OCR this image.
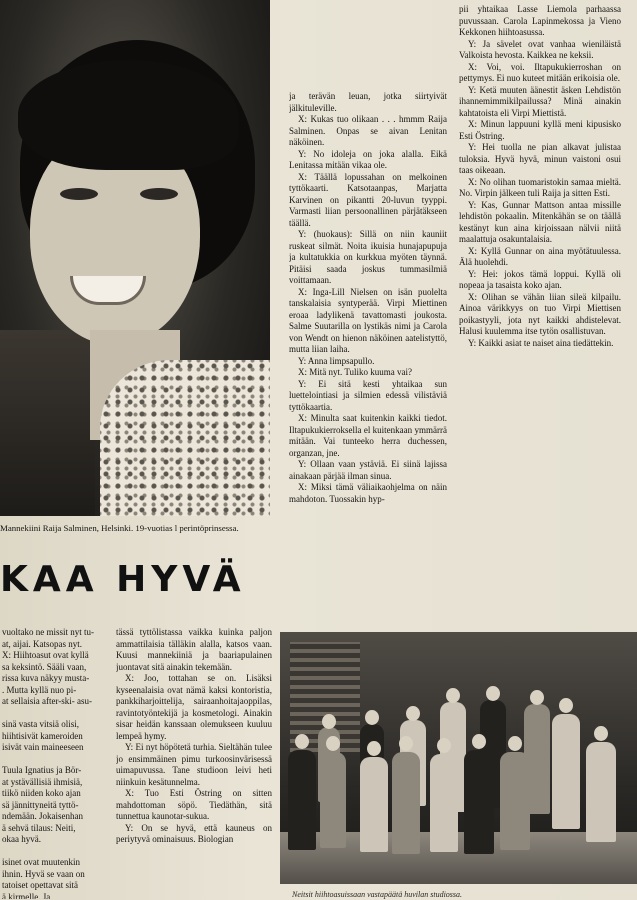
Mannekiini Raija Salminen, Helsinki. 19-vuotias l perintöprinsessa.

KAA HYVÄ

ja terävän leuan, jotka siirtyivät jälkituleville.

X: Kukas tuo olikaan . . . hmmm Raija Salminen. Onpas se aivan Lenitan näköinen.

Y: No idoleja on joka alalla. Eikä Lenitassa mitään vikaa ole.

X: Täällä lopussahan on melkoinen tyttökaarti. Katsotaanpas, Marjatta Karvinen on pikantti 20-luvun tyyppi. Varmasti liian persoonallinen pärjätäkseen täällä.

Y: (huokaus): Sillä on niin kauniit ruskeat silmät. Noita ikuisia hunajapupuja ja kultatukkia on kurkkua myöten täynnä. Pitäisi saada joskus tummasilmiä voittamaan.

X: Inga-Lill Nielsen on isän puolelta tanskalaisia syntyperää. Virpi Miettinen eroaa ladylikenä tavattomasti joukosta. Salme Suutarilla on lystikäs nimi ja Carola von Wendt on hienon näköinen aatelistyttö, mutta liian laiha.

Y: Anna limpsapullo.

X: Mitä nyt. Tuliko kuuma vai?

Y: Ei sitä kesti yhtaikaa sun luettelointiasi ja silmien edessä vilistäviä tyttökaartia.

X: Minulta saat kuitenkin kaikki tiedot. Iltapukukierroksella el kuitenkaan ymmärrä mitään. Vai tunteeko herra duchessen, organzan, jne.

Y: Ollaan vaan ystäviä. Ei siinä lajissa ainakaan pärjää ilman sinua.

X: Miksi tämä väliaikaohjelma on näin mahdoton. Tuossakin hyp-

pii yhtaikaa Lasse Liemola parhaassa puvussaan. Carola Lapinmekossa ja Vieno Kekkonen hiihtoasussa.

Y: Ja sävelet ovat vanhaa wieniläistä Valkoista hevosta. Kaikkea ne keksii.

X: Voi, voi. Iltapukukierroshan on pettymys. Ei nuo kuteet mitään erikoisia ole.

Y: Ketä muuten äänestit äsken Lehdistön ihannemimmikilpailussa? Minä ainakin kahtatoista eli Virpi Miettistä.

X: Minun lappuuni kyllä meni kipusisko Esti Östring.

Y: Hei tuolla ne pian alkavat julistaa tuloksia. Hyvä hyvä, minun vaistoni osui taas oikeaan.

X: No olihan tuomaristokin samaa mieltä. No. Virpin jälkeen tuli Raija ja sitten Esti.

Y: Kas, Gunnar Mattson antaa missille lehdistön pokaalin. Mitenkähän se on täällä kestänyt kun aina kirjoissaan nälvii niitä maalattuja osakuntalaisia.

X: Kyllä Gunnar on aina myötätuulessa. Älä huolehdi.

Y: Hei: jokos tämä loppui. Kyllä oli nopeaa ja tasaista koko ajan.

X: Olihan se vähän liian sileä kilpailu. Ainoa värikkyys on tuo Virpi Miettisen poikastyyli, jota nyt kaikki ahdistelevat. Halusi kuulemma itse tytön osallistuvan.

Y: Kaikki asiat te naiset aina tiedättekin.

vuoltako ne missit nyt tu-

at, aijai. Katsopas nyt.

X: Hiihtoasut ovat kyllä

sa keksintö. Sääli vaan,

rissa kuva näkyy musta-

. Mutta kyllä nuo pi-

at sellaisia after-ski- asu-

sinä vasta vitsiä olisi,

hiihtisivät kameroiden

isivät vain maineeseen

Tuula Ignatius ja Bör-

at ystävällisiä ihmisiä,

tiikö niiden koko ajan

sä jännittyneitä tyttö-

ndemään. Jokaisenhan

ä sehvä tilaus: Neiti,

okaa hyvä.

isinet ovat muutenkin

ihnin. Hyvä se vaan on

tatoiset opettavat sitä

ä kirmelle. Ja

tässä tyttölistassa vaikka kuinka paljon ammattilaisia tälläkin alalla, katsos vaan. Kuusi mannekiiniä ja baariapulainen juontavat sitä ainakin tekemään.

X: Joo, tottahan se on. Lisäksi kyseenalaisia ovat nämä kaksi kontoristia, pankkiharjoittelija, sairaanhoitajaoppilas, ravintotyöntekijä ja kosmetologi. Ainakin sisar heidän kanssaan olemukseen kuuluu lempeä hymy.

Y: Ei nyt höpötetä turhia. Sieltähän tulee jo ensimmäinen pimu turkoosinvärisessä uimapuvussa. Tane studioon leivi heti niinkuin kesätunnelma.

X: Tuo Esti Östring on sitten mahdottoman söpö. Tiedäthän, sitä tunnettua kaunotar-sukua.

Y: On se hyvä, että kauneus on periytyvä ominaisuus. Biologian

Neitsit hiihtoasuissaan vastapäätä huvilan studiossa.
